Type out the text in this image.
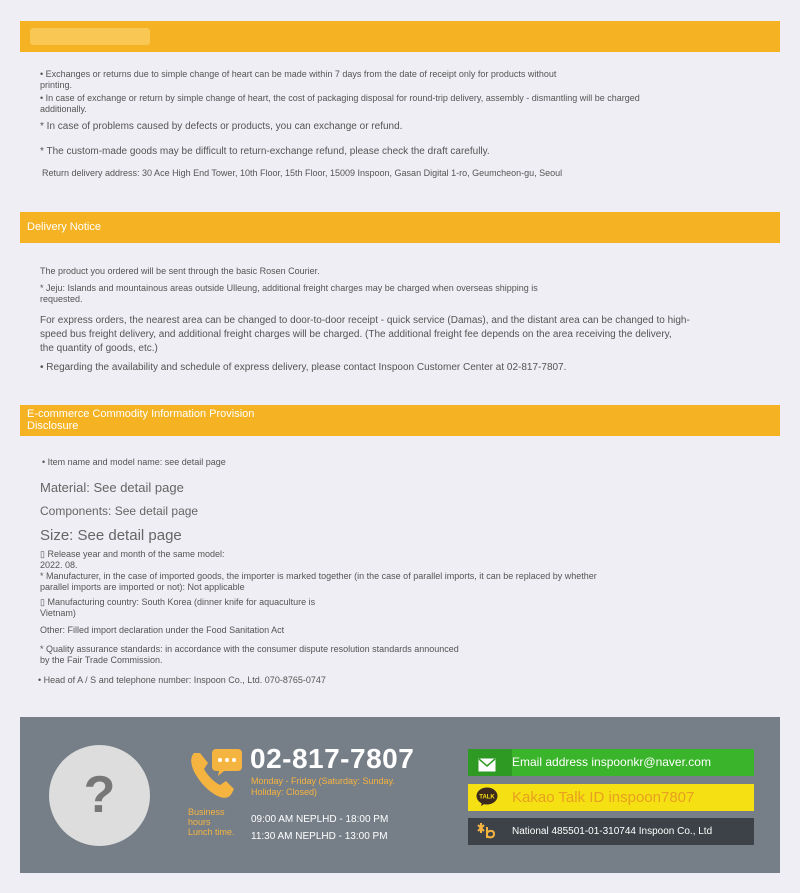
• Exchanges or returns due to simple change of heart can be made within 7 days from the date of receipt only for products without
printing.
• In case of exchange or return by simple change of heart, the cost of packaging disposal for round-trip delivery, assembly - dismantling will be charged
additionally.
* In case of problems caused by defects or products, you can exchange or refund.
* The custom-made goods may be difficult to return-exchange refund, please check the draft carefully.
Return delivery address: 30 Ace High End Tower, 10th Floor, 15th Floor, 15009 Inspoon, Gasan Digital 1-ro, Geumcheon-gu, Seoul
Delivery Notice
The product you ordered will be sent through the basic Rosen Courier.
* Jeju: Islands and mountainous areas outside Ulleung, additional freight charges may be charged when overseas shipping is
requested.
For express orders, the nearest area can be changed to door-to-door receipt - quick service (Damas), and the distant area can be changed to high-
speed bus freight delivery, and additional freight charges will be charged. (The additional freight fee depends on the area receiving the delivery,
the quantity of goods, etc.)
• Regarding the availability and schedule of express delivery, please contact Inspoon Customer Center at 02-817-7807.
E-commerce Commodity Information Provision
Disclosure
• Item name and model name: see detail page
Material: See detail page
Components: See detail page
Size: See detail page
▯ Release year and month of the same model:
2022. 08.
* Manufacturer, in the case of imported goods, the importer is marked together (in the case of parallel imports, it can be replaced by whether
parallel imports are imported or not): Not applicable
▯ Manufacturing country: South Korea (dinner knife for aquaculture is
Vietnam)
Other: Filled import declaration under the Food Sanitation Act
* Quality assurance standards: in accordance with the consumer dispute resolution standards announced
by the Fair Trade Commission.
• Head of A / S and telephone number: Inspoon Co., Ltd. 070-8765-0747
?	Business
hours
Lunch time.
02-817-7807
Monday - Friday (Saturday: Sunday.
Holiday: Closed)
09:00 AM NEPLHD - 18:00 PM
11:30 AM NEPLHD - 13:00 PM
Email address inspoonkr@naver.com
TALK Kakao Talk ID inspoon7807
National 485501-01-310744 Inspoon Co., Ltd
